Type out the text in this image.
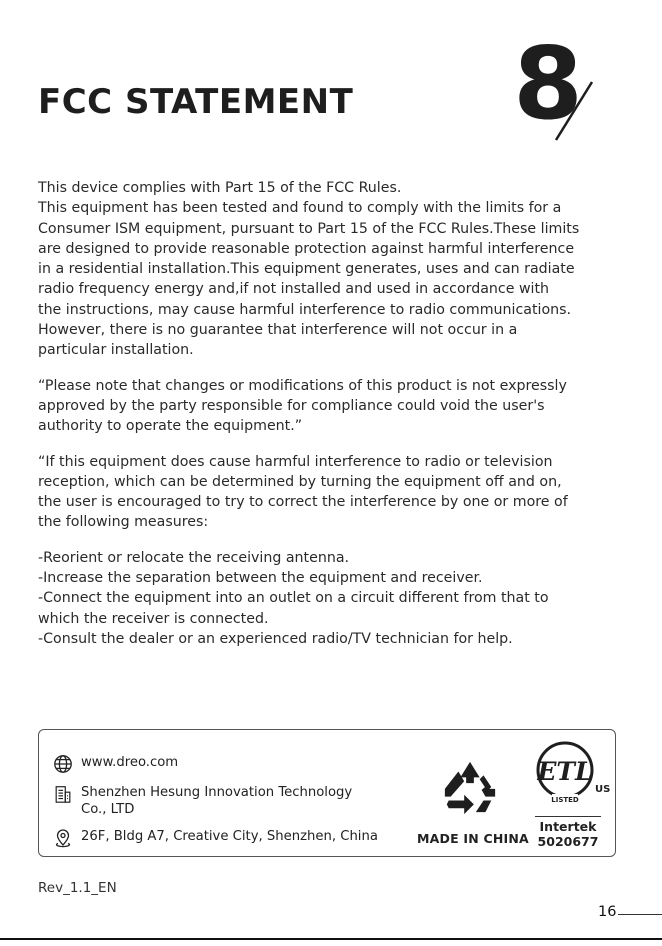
FCC STATEMENT 8

This device complies with Part 15 of the FCC Rules.
This equipment has been tested and found to comply with the limits for a
Consumer ISM equipment, pursuant to Part 15 of the FCC Rules.These limits
are designed to provide reasonable protection against harmful interference
in a residential installation.This equipment generates, uses and can radiate
radio frequency energy and,if not installed and used in accordance with
the instructions, may cause harmful interference to radio communications.
However, there is no guarantee that interference will not occur in a
particular installation.

“Please note that changes or modifications of this product is not expressly
approved by the party responsible for compliance could void the user's
authority to operate the equipment.”

“If this equipment does cause harmful interference to radio or television
reception, which can be determined by turning the equipment off and on,
the user is encouraged to try to correct the interference by one or more of
the following measures:

-Reorient or relocate the receiving antenna.
-Increase the separation between the equipment and receiver.
-Connect the equipment into an outlet on a circuit different from that to
which the receiver is connected.
-Consult the dealer or an experienced radio/TV technician for help.

www.dreo.com
Shenzhen Hesung Innovation Technology
Co., LTD
26F, Bldg A7, Creative City, Shenzhen, China	MADE IN CHINA
ETL
LISTED
US
Intertek
5020677
Rev_1.1_EN
16
